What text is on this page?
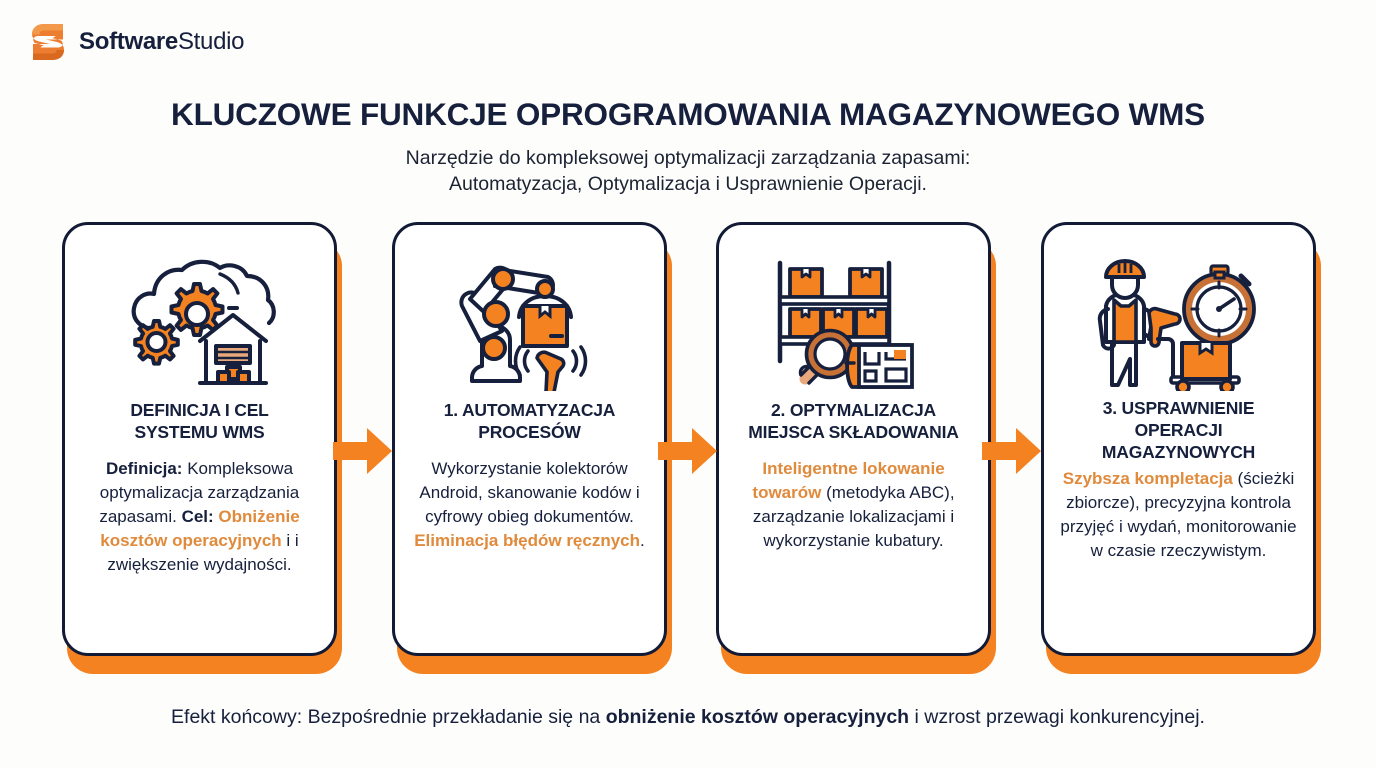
SoftwareStudio
KLUCZOWE FUNKCJE OPROGRAMOWANIA MAGAZYNOWEGO WMS
Narzędzie do kompleksowej optymalizacji zarządzania zapasami:
Automatyzacja, Optymalizacja i Usprawnienie Operacji.
DEFINICJA I CEL
SYSTEMU WMS
Definicja: Kompleksowa optymalizacja zarządzania zapasami. Cel: Obniżenie kosztów operacyjnych i i zwiększenie wydajności.
1. AUTOMATYZACJA
PROCESÓW
Wykorzystanie kolektorów Android, skanowanie kodów i cyfrowy obieg dokumentów. Eliminacja błędów ręcznych.
2. OPTYMALIZACJA
MIEJSCA SKŁADOWANIA
Inteligentne lokowanie towarów (metodyka ABC), zarządzanie lokalizacjami i wykorzystanie kubatury.
3. USPRAWNIENIE
OPERACJI
MAGAZYNOWYCH
Szybsza kompletacja (ścieżki zbiorcze), precyzyjna kontrola przyjęć i wydań, monitorowanie w czasie rzeczywistym.
Efekt końcowy: Bezpośrednie przekładanie się na obniżenie kosztów operacyjnych i wzrost przewagi konkurencyjnej.
